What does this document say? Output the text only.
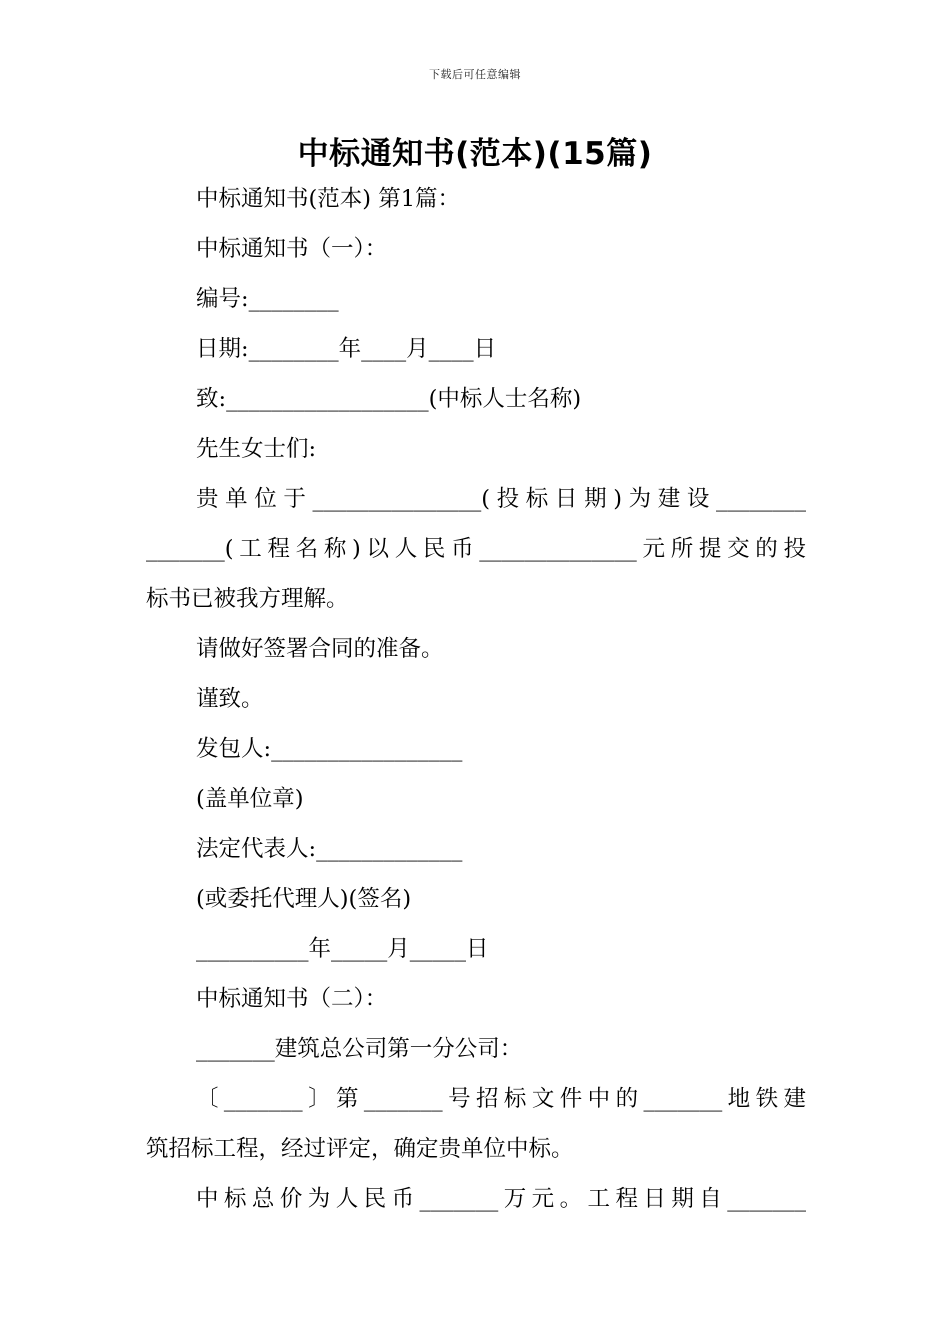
下载后可任意编辑
中标通知书(范本)(15篇)
中标通知书(范本) 第1篇：
中标通知书（一）：
编号:________
日期:________年____月____日
致:__________________(中标人士名称)
先生女士们:
贵单位于_______________(投标日期)为建设________
_______(工程名称)以人民币______________元所提交的投
标书已被我方理解。
请做好签署合同的准备。
谨致。
发包人:_________________
(盖单位章)
法定代表人:_____________
(或委托代理人)(签名)
__________年_____月_____日
中标通知书（二）：
_______建筑总公司第一分公司：
〔_______〕第_______号招标文件中的_______地铁建
筑招标工程，经过评定，确定贵单位中标。
中标总价为人民币_______万元。工程日期自_______
